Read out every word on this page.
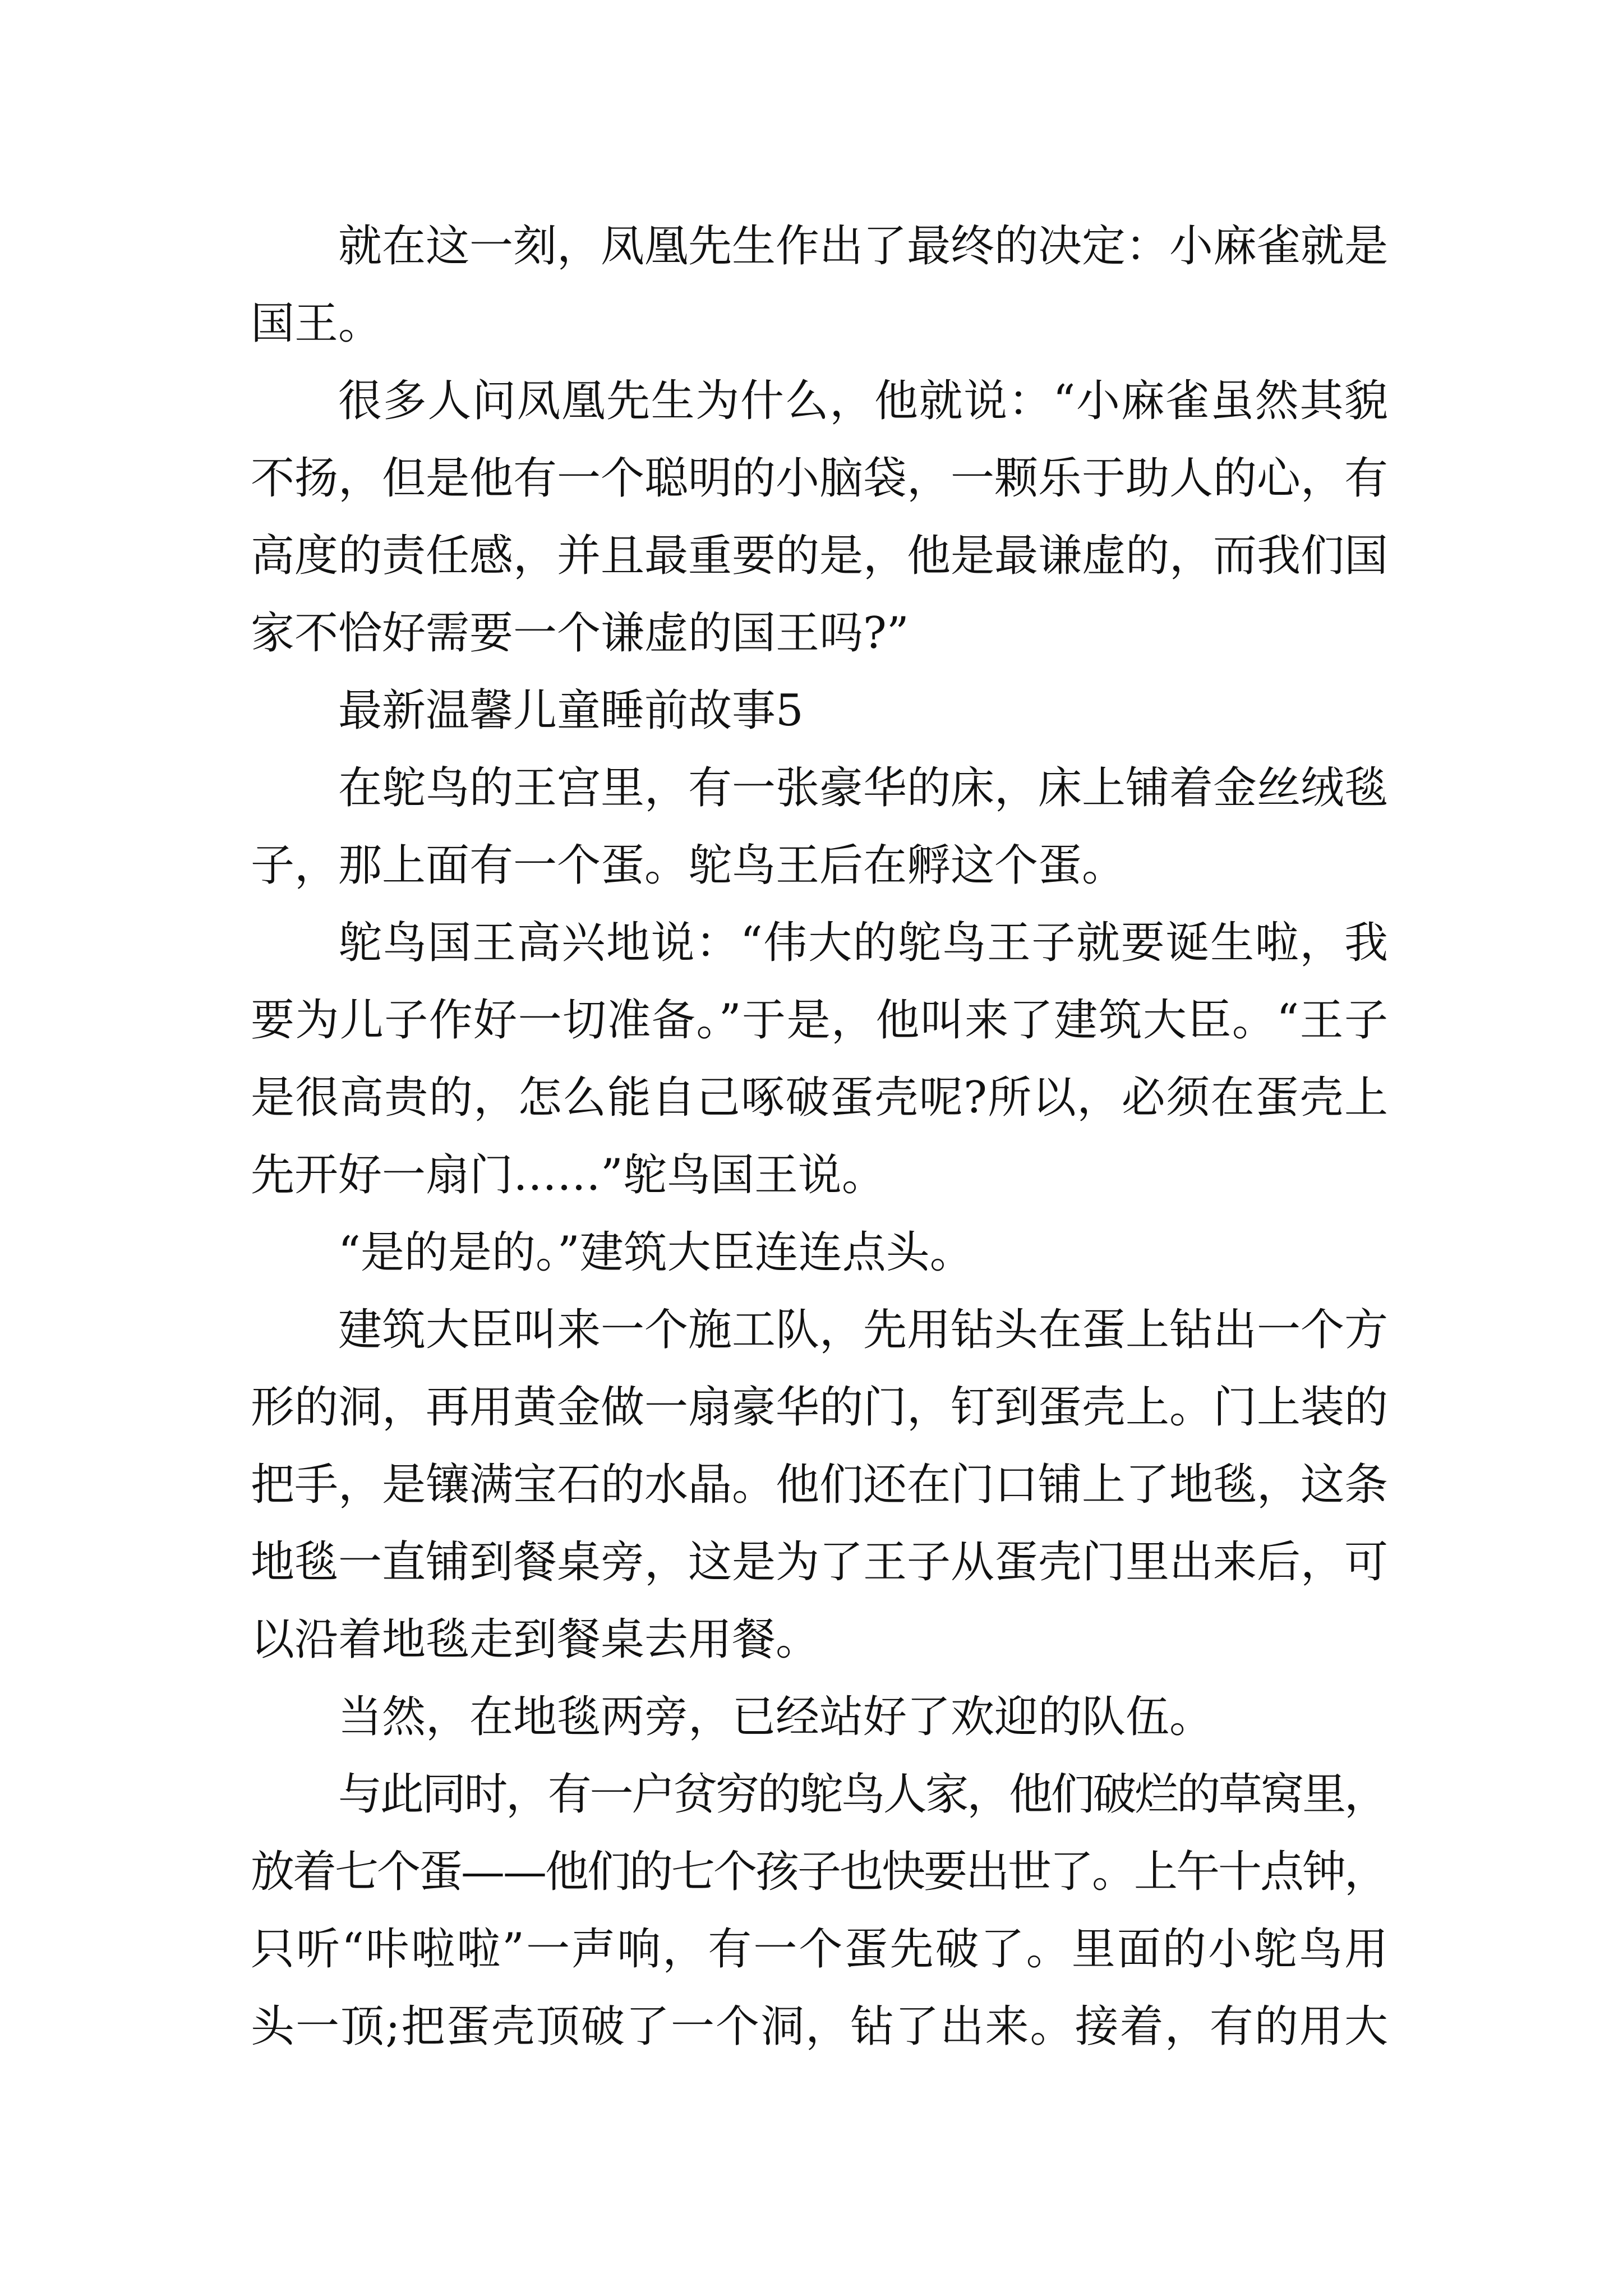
就在这一刻，凤凰先生作出了最终的决定：小麻雀就是
国王。
很多人问凤凰先生为什么，他就说：“小麻雀虽然其貌
不扬，但是他有一个聪明的小脑袋，一颗乐于助人的心，有
高度的责任感，并且最重要的是，他是最谦虚的，而我们国
家不恰好需要一个谦虚的国王吗?”
最新温馨儿童睡前故事5
在鸵鸟的王宫里，有一张豪华的床，床上铺着金丝绒毯
子，那上面有一个蛋。鸵鸟王后在孵这个蛋。
鸵鸟国王高兴地说：“伟大的鸵鸟王子就要诞生啦，我
要为儿子作好一切准备。”于是，他叫来了建筑大臣。“王子
是很高贵的，怎么能自己啄破蛋壳呢?所以，必须在蛋壳上
先开好一扇门……”鸵鸟国王说。
“是的是的。”建筑大臣连连点头。
建筑大臣叫来一个施工队，先用钻头在蛋上钻出一个方
形的洞，再用黄金做一扇豪华的门，钉到蛋壳上。门上装的
把手，是镶满宝石的水晶。他们还在门口铺上了地毯，这条
地毯一直铺到餐桌旁，这是为了王子从蛋壳门里出来后，可
以沿着地毯走到餐桌去用餐。
当然，在地毯两旁，已经站好了欢迎的队伍。
与此同时，有一户贫穷的鸵鸟人家，他们破烂的草窝里，
放着七个蛋——他们的七个孩子也快要出世了。上午十点钟，
只听“咔啦啦”一声响，有一个蛋先破了。里面的小鸵鸟用
头一顶;把蛋壳顶破了一个洞，钻了出来。接着，有的用大
